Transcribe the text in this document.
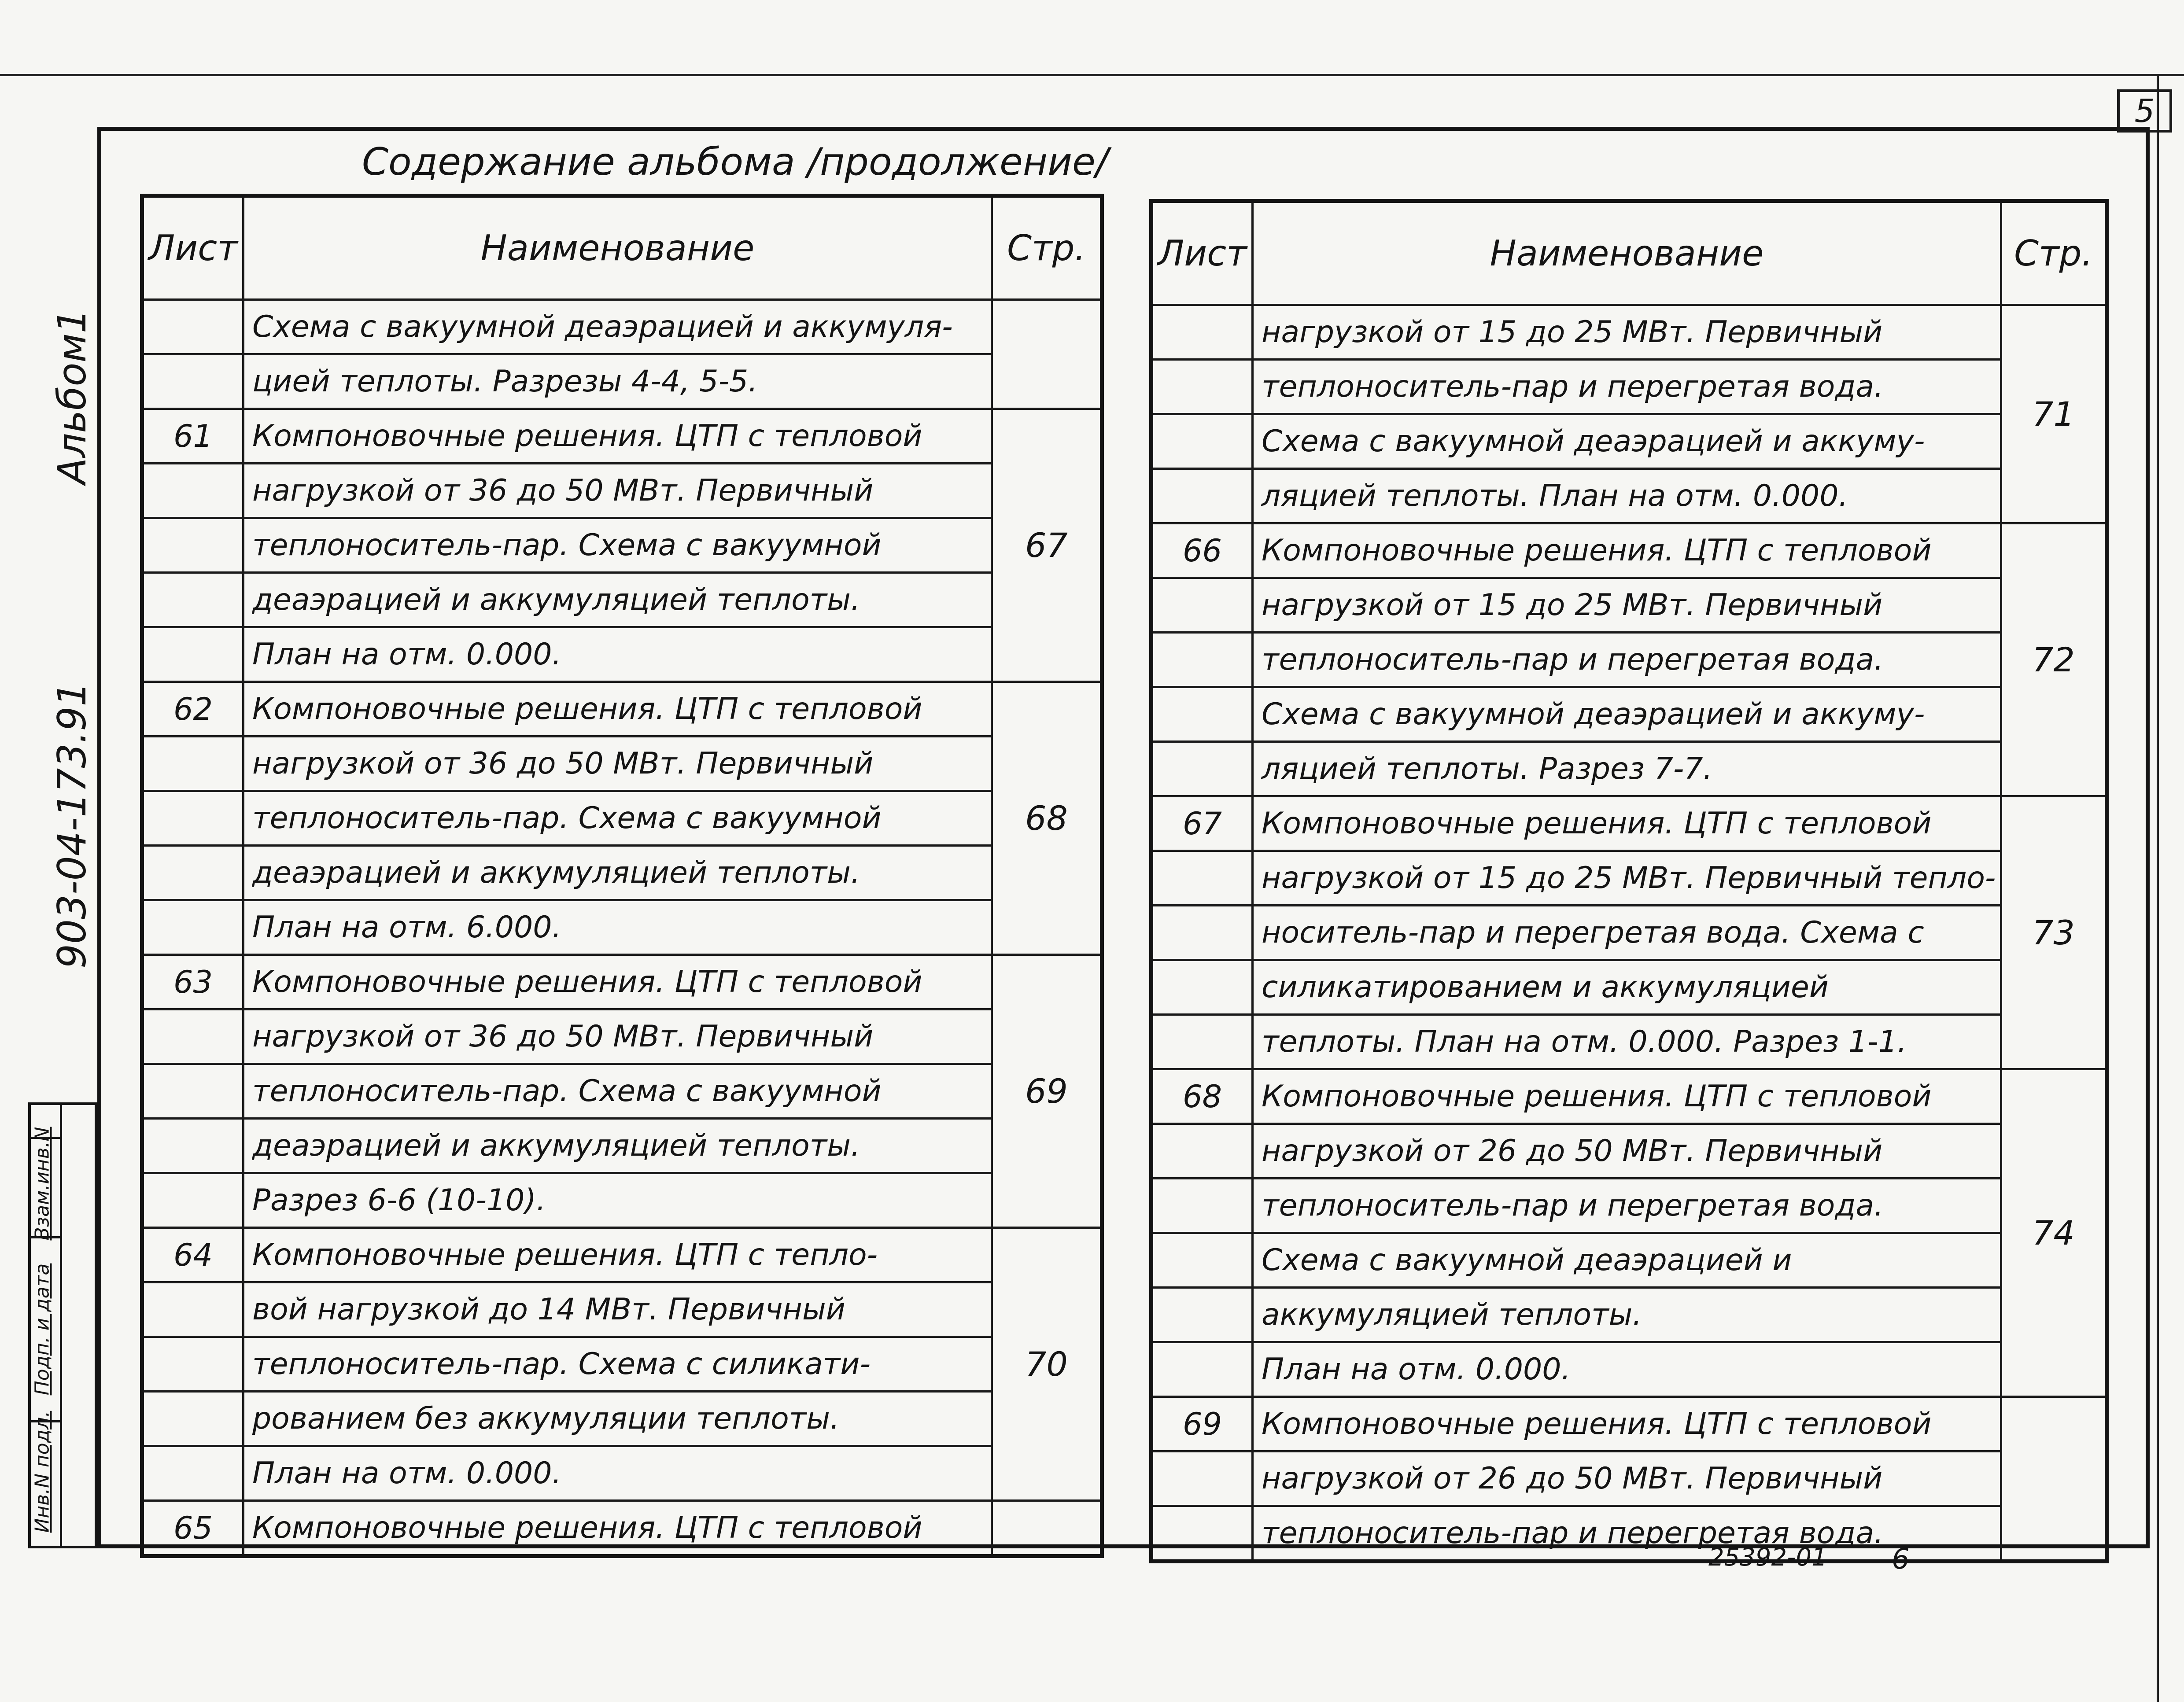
5
Содержание альбома /продолжение/
Альбом1
903-04-173.91
Инв.N подл.
Подп. и дата
Взам.инв.N
Лист	Наименование	Стр.
	Схема с вакуумной деаэрацией и аккумуля-	
	цией теплоты. Разрезы 4-4, 5-5.	
61	Компоновочные решения. ЦТП с тепловой	67
	нагрузкой от 36 до 50 МВт. Первичный	
	теплоноситель-пар. Схема с вакуумной	
	деаэрацией и аккумуляцией теплоты.	
	План на отм. 0.000.	
62	Компоновочные решения. ЦТП с тепловой	68
	нагрузкой от 36 до 50 МВт. Первичный	
	теплоноситель-пар. Схема с вакуумной	
	деаэрацией и аккумуляцией теплоты.	
	План на отм. 6.000.	
63	Компоновочные решения. ЦТП с тепловой	69
	нагрузкой от 36 до 50 МВт. Первичный	
	теплоноситель-пар. Схема с вакуумной	
	деаэрацией и аккумуляцией теплоты.	
	Разрез 6-6 (10-10).	
64	Компоновочные решения. ЦТП с тепло-	70
	вой нагрузкой до 14 МВт. Первичный	
	теплоноситель-пар. Схема с силикати-	
	рованием без аккумуляции теплоты.	
	План на отм. 0.000.	
65	Компоновочные решения. ЦТП с тепловой	
Лист	Наименование	Стр.
	нагрузкой от 15 до 25 МВт. Первичный	71
	теплоноситель-пар и перегретая вода.	
	Схема с вакуумной деаэрацией и аккуму-	
	ляцией теплоты. План на отм. 0.000.	
66	Компоновочные решения. ЦТП с тепловой	72
	нагрузкой от 15 до 25 МВт. Первичный	
	теплоноситель-пар и перегретая вода.	
	Схема с вакуумной деаэрацией и аккуму-	
	ляцией теплоты. Разрез 7-7.	
67	Компоновочные решения. ЦТП с тепловой	73
	нагрузкой от 15 до 25 МВт. Первичный тепло-	
	носитель-пар и перегретая вода. Схема с	
	силикатированием и аккумуляцией	
	теплоты. План на отм. 0.000. Разрез 1-1.	
68	Компоновочные решения. ЦТП с тепловой	74
	нагрузкой от 26 до 50 МВт. Первичный	
	теплоноситель-пар и перегретая вода.	
	Схема с вакуумной деаэрацией и	
	аккумуляцией теплоты.	
	План на отм. 0.000.	
69	Компоновочные решения. ЦТП с тепловой	
	нагрузкой от 26 до 50 МВт. Первичный	
	теплоноситель-пар и перегретая вода.	
25392-01 6
